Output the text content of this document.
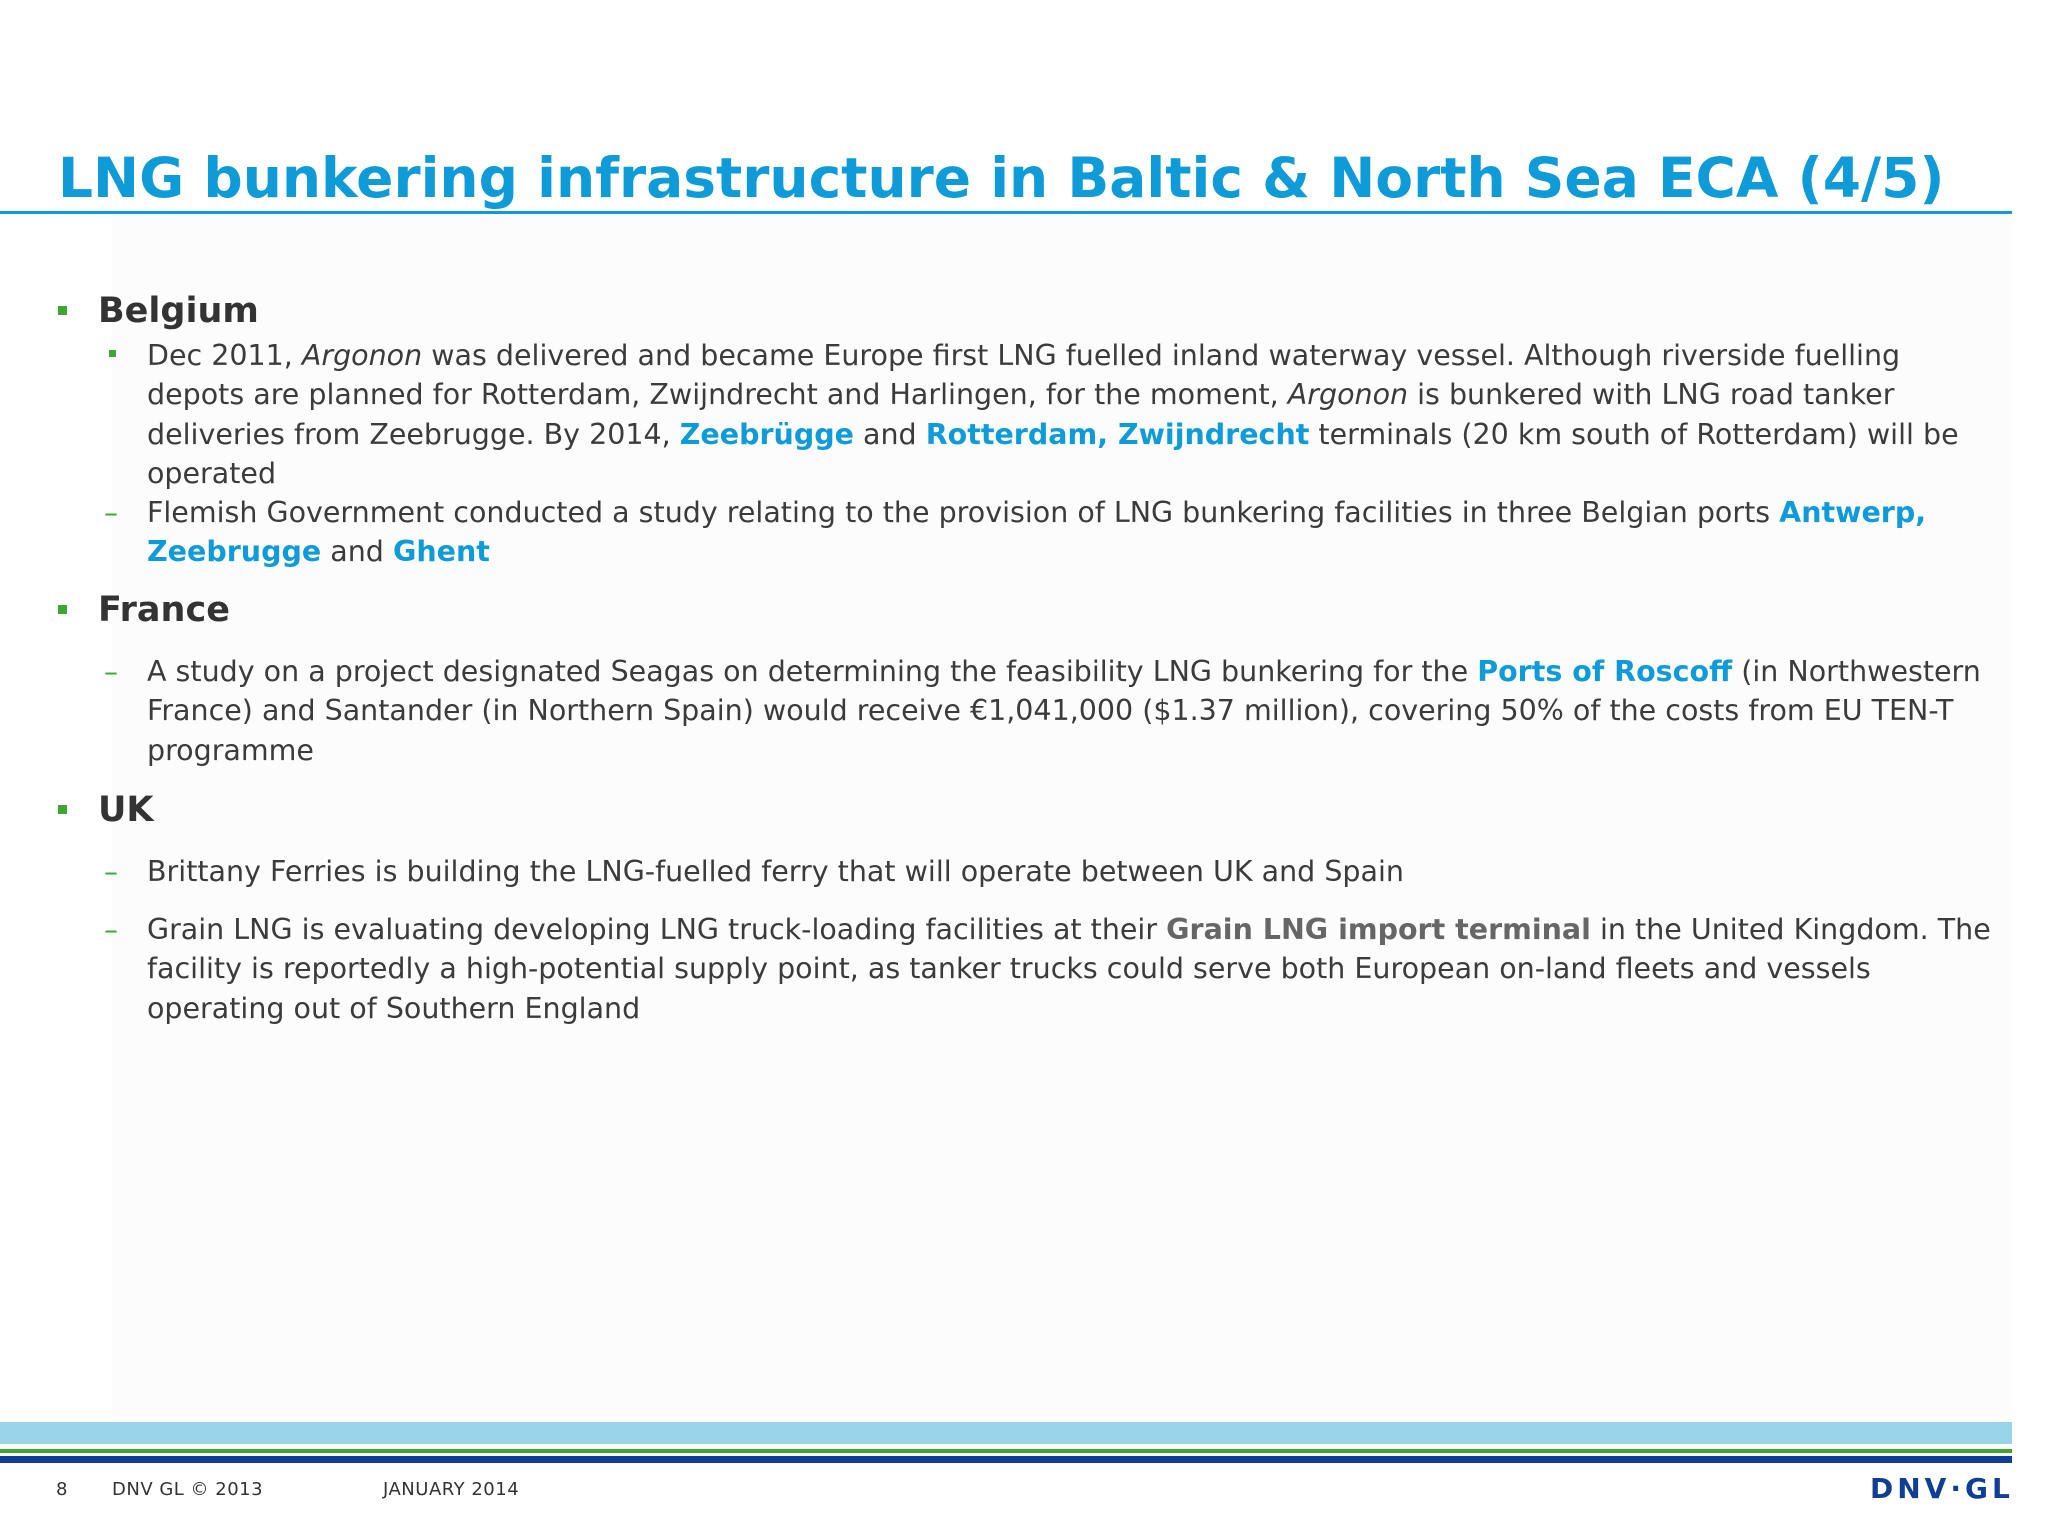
LNG bunkering infrastructure in Baltic & North Sea ECA (4/5)
Belgium

Dec 2011, Argonon was delivered and became Europe first LNG fuelled inland waterway vessel. Although riverside fuelling depots are planned for Rotterdam, Zwijndrecht and Harlingen, for the moment, Argonon is bunkered with LNG road tanker deliveries from Zeebrugge. By 2014, Zeebrügge and Rotterdam, Zwijndrecht terminals (20 km south of Rotterdam) will be operated

– Flemish Government conducted a study relating to the provision of LNG bunkering facilities in three Belgian ports Antwerp, Zeebrugge and Ghent

France
– A study on a project designated Seagas on determining the feasibility LNG bunkering for the Ports of Roscoff (in Northwestern France) and Santander (in Northern Spain) would receive €1,041,000 ($1.37 million), covering 50% of the costs from EU TEN-T programme

UK
– Brittany Ferries is building the LNG-fuelled ferry that will operate between UK and Spain

– Grain LNG is evaluating developing LNG truck-loading facilities at their Grain LNG import terminal in the United Kingdom. The facility is reportedly a high-potential supply point, as tanker trucks could serve both European on-land fleets and vessels operating out of Southern England

8 DNV GL © 2013	JANUARY 2014	DNV·GL
